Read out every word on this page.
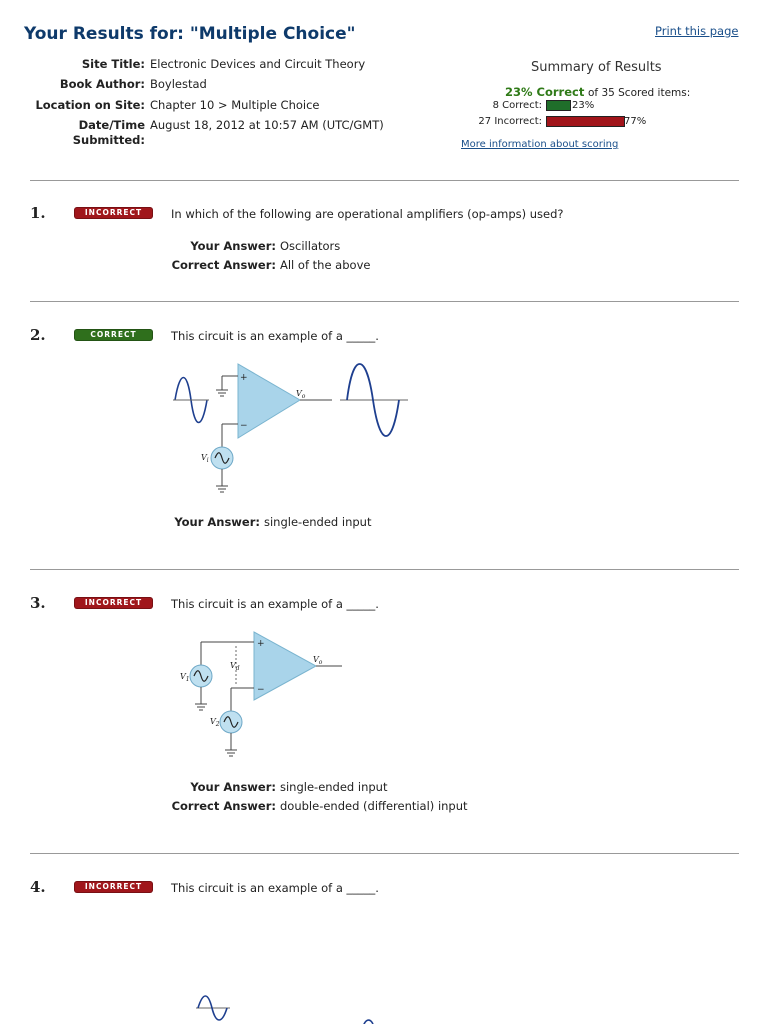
Your Results for: "Multiple Choice"	Print this page
Site Title: Electronic Devices and Circuit Theory
Book Author: Boylestad
Location on Site: Chapter 10 > Multiple Choice
Date/Time
Submitted:
August 18, 2012 at 10:57 AM (UTC/GMT)
Summary of Results
23% Correct of 35 Scored items:
8 Correct:	23%
27 Incorrect:	77%
More information about scoring
1.	INCORRECT	In which of the following are operational amplifiers (op-amps) used?
Your Answer: Oscillators
Correct Answer: All of the above
2.	CORRECT	This circuit is an example of a _____.
+
−
$V_i$
$V_o$
Your Answer: single-ended input
3.	INCORRECT	This circuit is an example of a _____.
+
−
$V_1$
$V_2$
$V_d$
$V_o$
Your Answer: single-ended input
Correct Answer: double-ended (differential) input
4.	INCORRECT	This circuit is an example of a _____.
